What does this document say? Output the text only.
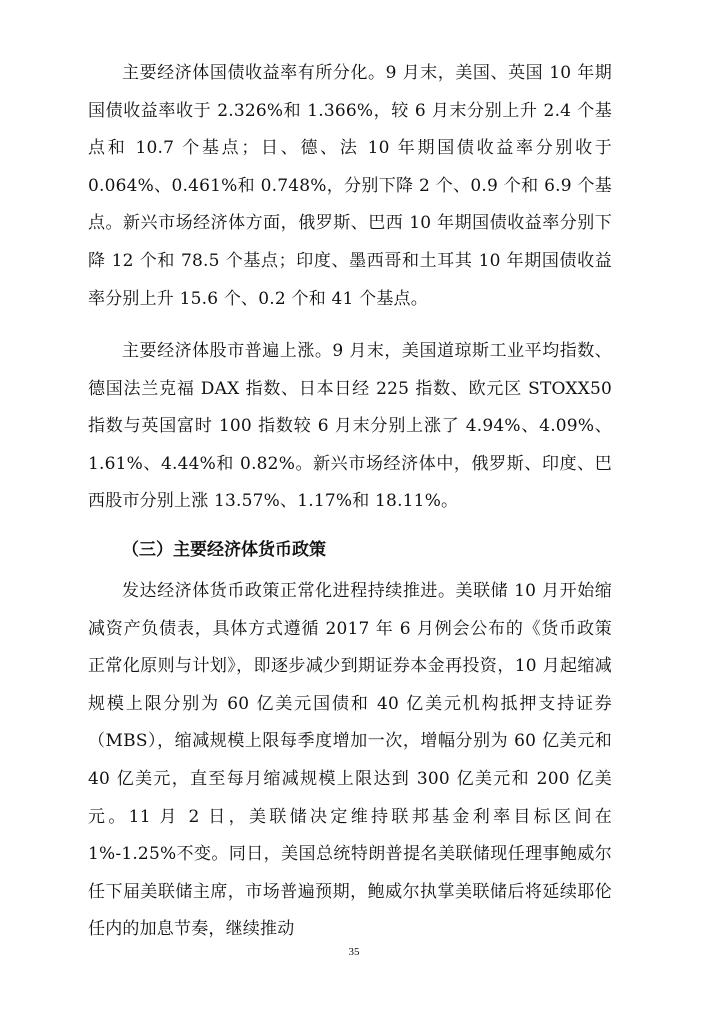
主要经济体国债收益率有所分化。9 月末，美国、英国 10 年期国债收益率收于 2.326%和 1.366%，较 6 月末分别上升 2.4 个基点和 10.7 个基点；日、德、法 10 年期国债收益率分别收于 0.064%、0.461%和 0.748%，分别下降 2 个、0.9 个和 6.9 个基点。新兴市场经济体方面，俄罗斯、巴西 10 年期国债收益率分别下降 12 个和 78.5 个基点；印度、墨西哥和土耳其 10 年期国债收益率分别上升 15.6 个、0.2 个和 41 个基点。

主要经济体股市普遍上涨。9 月末，美国道琼斯工业平均指数、德国法兰克福 DAX 指数、日本日经 225 指数、欧元区 STOXX50 指数与英国富时 100 指数较 6 月末分别上涨了 4.94%、4.09%、1.61%、4.44%和 0.82%。新兴市场经济体中，俄罗斯、印度、巴西股市分别上涨 13.57%、1.17%和 18.11%。

（三）主要经济体货币政策

发达经济体货币政策正常化进程持续推进。美联储 10 月开始缩减资产负债表，具体方式遵循 2017 年 6 月例会公布的《货币政策正常化原则与计划》，即逐步减少到期证券本金再投资，10 月起缩减规模上限分别为 60 亿美元国债和 40 亿美元机构抵押支持证券（MBS），缩减规模上限每季度增加一次，增幅分别为 60 亿美元和 40 亿美元，直至每月缩减规模上限达到 300 亿美元和 200 亿美元。11 月 2 日，美联储决定维持联邦基金利率目标区间在 1%-1.25%不变。同日，美国总统特朗普提名美联储现任理事鲍威尔任下届美联储主席，市场普遍预期，鲍威尔执掌美联储后将延续耶伦任内的加息节奏，继续推动

35
